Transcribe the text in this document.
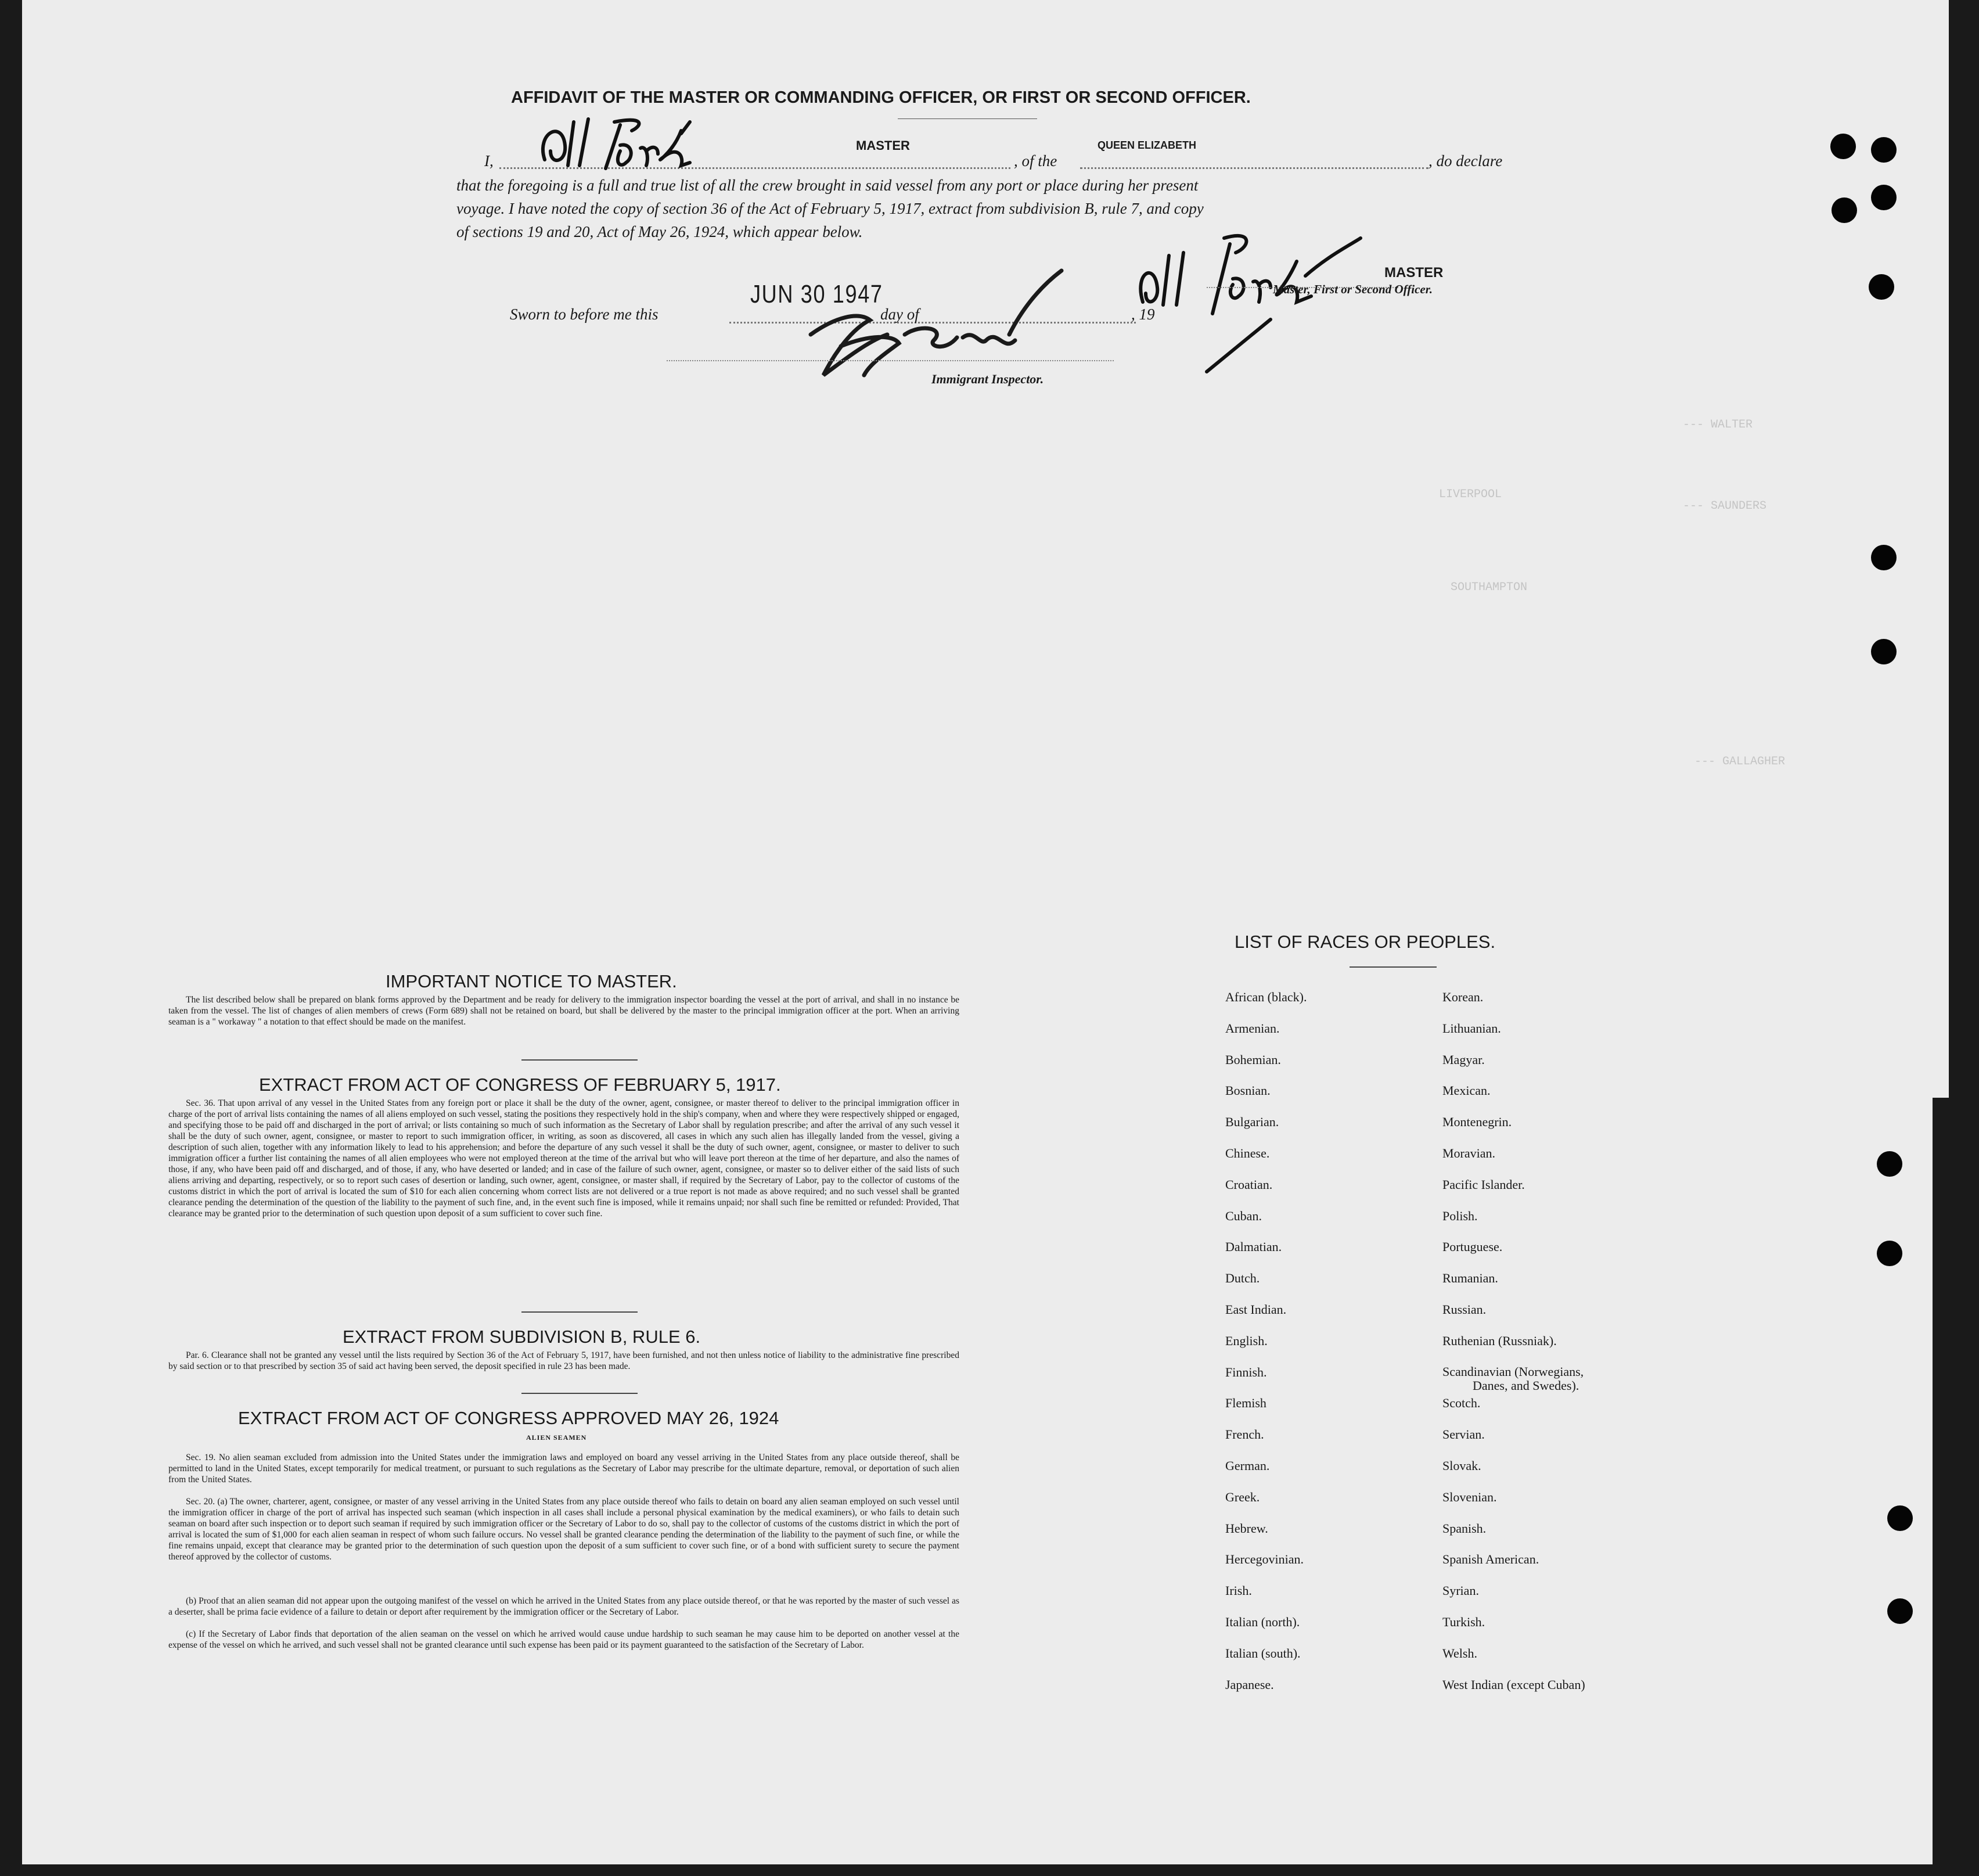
AFFIDAVIT OF THE MASTER OR COMMANDING OFFICER, OR FIRST OR SECOND OFFICER.
I,
MASTER
, of the
QUEEN ELIZABETH
, do declare
that the foregoing is a full and true list of all the crew brought in said vessel from any port or place during her present
voyage. I have noted the copy of section 36 of the Act of February 5, 1917, extract from subdivision B, rule 7, and copy
of sections 19 and 20, Act of May 26, 1924, which appear below.
Sworn to before me this
JUN 30 1947
day of	, 19
Immigrant Inspector.
MASTER
Master, First or Second Officer.
--- WALTER
--- SAUNDERS
--- GALLAGHER
LIVERPOOL
SOUTHAMPTON
IMPORTANT NOTICE TO MASTER.
The list described below shall be prepared on blank forms approved by the Department and be ready for delivery to the immigration inspector boarding the vessel at the port of arrival, and shall in no instance be taken from the vessel. The list of changes of alien members of crews (Form 689) shall not be retained on board, but shall be delivered by the master to the principal immigration officer at the port. When an arriving seaman is a " workaway " a notation to that effect should be made on the manifest.
EXTRACT FROM ACT OF CONGRESS OF FEBRUARY 5, 1917.
Sec. 36. That upon arrival of any vessel in the United States from any foreign port or place it shall be the duty of the owner, agent, consignee, or master thereof to deliver to the principal immigration officer in charge of the port of arrival lists containing the names of all aliens employed on such vessel, stating the positions they respectively hold in the ship's company, when and where they were respectively shipped or engaged, and specifying those to be paid off and discharged in the port of arrival; or lists containing so much of such information as the Secretary of Labor shall by regulation prescribe; and after the arrival of any such vessel it shall be the duty of such owner, agent, consignee, or master to report to such immigration officer, in writing, as soon as discovered, all cases in which any such alien has illegally landed from the vessel, giving a description of such alien, together with any information likely to lead to his apprehension; and before the departure of any such vessel it shall be the duty of such owner, agent, consignee, or master to deliver to such immigration officer a further list containing the names of all alien employees who were not employed thereon at the time of the arrival but who will leave port thereon at the time of her departure, and also the names of those, if any, who have been paid off and discharged, and of those, if any, who have deserted or landed; and in case of the failure of such owner, agent, consignee, or master so to deliver either of the said lists of such aliens arriving and departing, respectively, or so to report such cases of desertion or landing, such owner, agent, consignee, or master shall, if required by the Secretary of Labor, pay to the collector of customs of the customs district in which the port of arrival is located the sum of $10 for each alien concerning whom correct lists are not delivered or a true report is not made as above required; and no such vessel shall be granted clearance pending the determination of the question of the liability to the payment of such fine, and, in the event such fine is imposed, while it remains unpaid; nor shall such fine be remitted or refunded: Provided, That clearance may be granted prior to the determination of such question upon deposit of a sum sufficient to cover such fine.
EXTRACT FROM SUBDIVISION B, RULE 6.
Par. 6. Clearance shall not be granted any vessel until the lists required by Section 36 of the Act of February 5, 1917, have been furnished, and not then unless notice of liability to the administrative fine prescribed by said section or to that prescribed by section 35 of said act having been served, the deposit specified in rule 23 has been made.
EXTRACT FROM ACT OF CONGRESS APPROVED MAY 26, 1924
ALIEN SEAMEN
Sec. 19. No alien seaman excluded from admission into the United States under the immigration laws and employed on board any vessel arriving in the United States from any place outside thereof, shall be permitted to land in the United States, except temporarily for medical treatment, or pursuant to such regulations as the Secretary of Labor may prescribe for the ultimate departure, removal, or deportation of such alien from the United States.
Sec. 20. (a) The owner, charterer, agent, consignee, or master of any vessel arriving in the United States from any place outside thereof who fails to detain on board any alien seaman employed on such vessel until the immigration officer in charge of the port of arrival has inspected such seaman (which inspection in all cases shall include a personal physical examination by the medical examiners), or who fails to detain such seaman on board after such inspection or to deport such seaman if required by such immigration officer or the Secretary of Labor to do so, shall pay to the collector of customs of the customs district in which the port of arrival is located the sum of $1,000 for each alien seaman in respect of whom such failure occurs. No vessel shall be granted clearance pending the determination of the liability to the payment of such fine, or while the fine remains unpaid, except that clearance may be granted prior to the determination of such question upon the deposit of a sum sufficient to cover such fine, or of a bond with sufficient surety to secure the payment thereof approved by the collector of customs.
(b) Proof that an alien seaman did not appear upon the outgoing manifest of the vessel on which he arrived in the United States from any place outside thereof, or that he was reported by the master of such vessel as a deserter, shall be prima facie evidence of a failure to detain or deport after requirement by the immigration officer or the Secretary of Labor.
(c) If the Secretary of Labor finds that deportation of the alien seaman on the vessel on which he arrived would cause undue hardship to such seaman he may cause him to be deported on another vessel at the expense of the vessel on which he arrived, and such vessel shall not be granted clearance until such expense has been paid or its payment guaranteed to the satisfaction of the Secretary of Labor.
LIST OF RACES OR PEOPLES.
African (black).
Armenian.
Bohemian.
Bosnian.
Bulgarian.
Chinese.
Croatian.
Cuban.
Dalmatian.
Dutch.
East Indian.
English.
Finnish.
Flemish
French.
German.
Greek.
Hebrew.
Hercegovinian.
Irish.
Italian (north).
Italian (south).
Japanese.
Korean.
Lithuanian.
Magyar.
Mexican.
Montenegrin.
Moravian.
Pacific Islander.
Polish.
Portuguese.
Rumanian.
Russian.
Ruthenian (Russniak).
Scandinavian (Norwegians,
Danes, and Swedes).
Scotch.
Servian.
Slovak.
Slovenian.
Spanish.
Spanish American.
Syrian.
Turkish.
Welsh.
West Indian (except Cuban)
